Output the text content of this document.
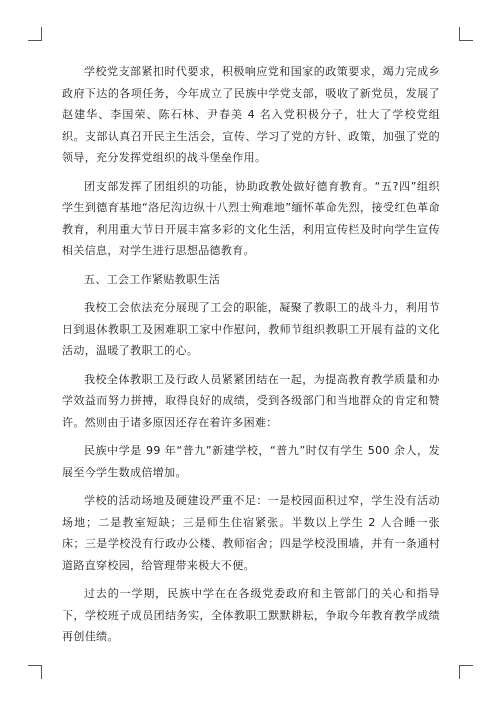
学校党支部紧扣时代要求，积极响应党和国家的政策要求，竭力完成乡政府下达的各项任务，今年成立了民族中学党支部，吸收了新党员，发展了赵建华、李国荣、陈石林、尹春美 4 名入党积极分子，壮大了学校党组织。支部认真召开民主生活会，宣传、学习了党的方针、政策，加强了党的领导，充分发挥党组织的战斗堡垒作用。

团支部发挥了团组织的功能，协助政教处做好德育教育。“五?四”组织学生到德育基地“洛尼沟边纵十八烈士殉难地”缅怀革命先烈，接受红色革命教育，利用重大节日开展丰富多彩的文化生活，利用宣传栏及时向学生宣传相关信息，对学生进行思想品德教育。

五、工会工作紧贴教职生活

我校工会依法充分展现了工会的职能，凝聚了教职工的战斗力，利用节日到退休教职工及困难职工家中作慰问，教师节组织教职工开展有益的文化活动，温暖了教职工的心。

我校全体教职工及行政人员紧紧团结在一起，为提高教育教学质量和办学效益而努力拼搏，取得良好的成绩，受到各级部门和当地群众的肯定和赞许。然则由于诸多原因还存在着许多困难：

民族中学是 99 年“普九”新建学校，“普九”时仅有学生 500 余人，发展至今学生数成倍增加。

学校的活动场地及硬建设严重不足：一是校园面积过窄，学生没有活动场地；二是教室短缺；三是师生住宿紧张。半数以上学生 2 人合睡一张床；三是学校没有行政办公楼、教师宿舍；四是学校没围墙，并有一条通村道路直穿校园，给管理带来极大不便。

过去的一学期，民族中学在在各级党委政府和主管部门的关心和指导下，学校班子成员团结务实，全体教职工默默耕耘，争取今年教育教学成绩再创佳绩。
